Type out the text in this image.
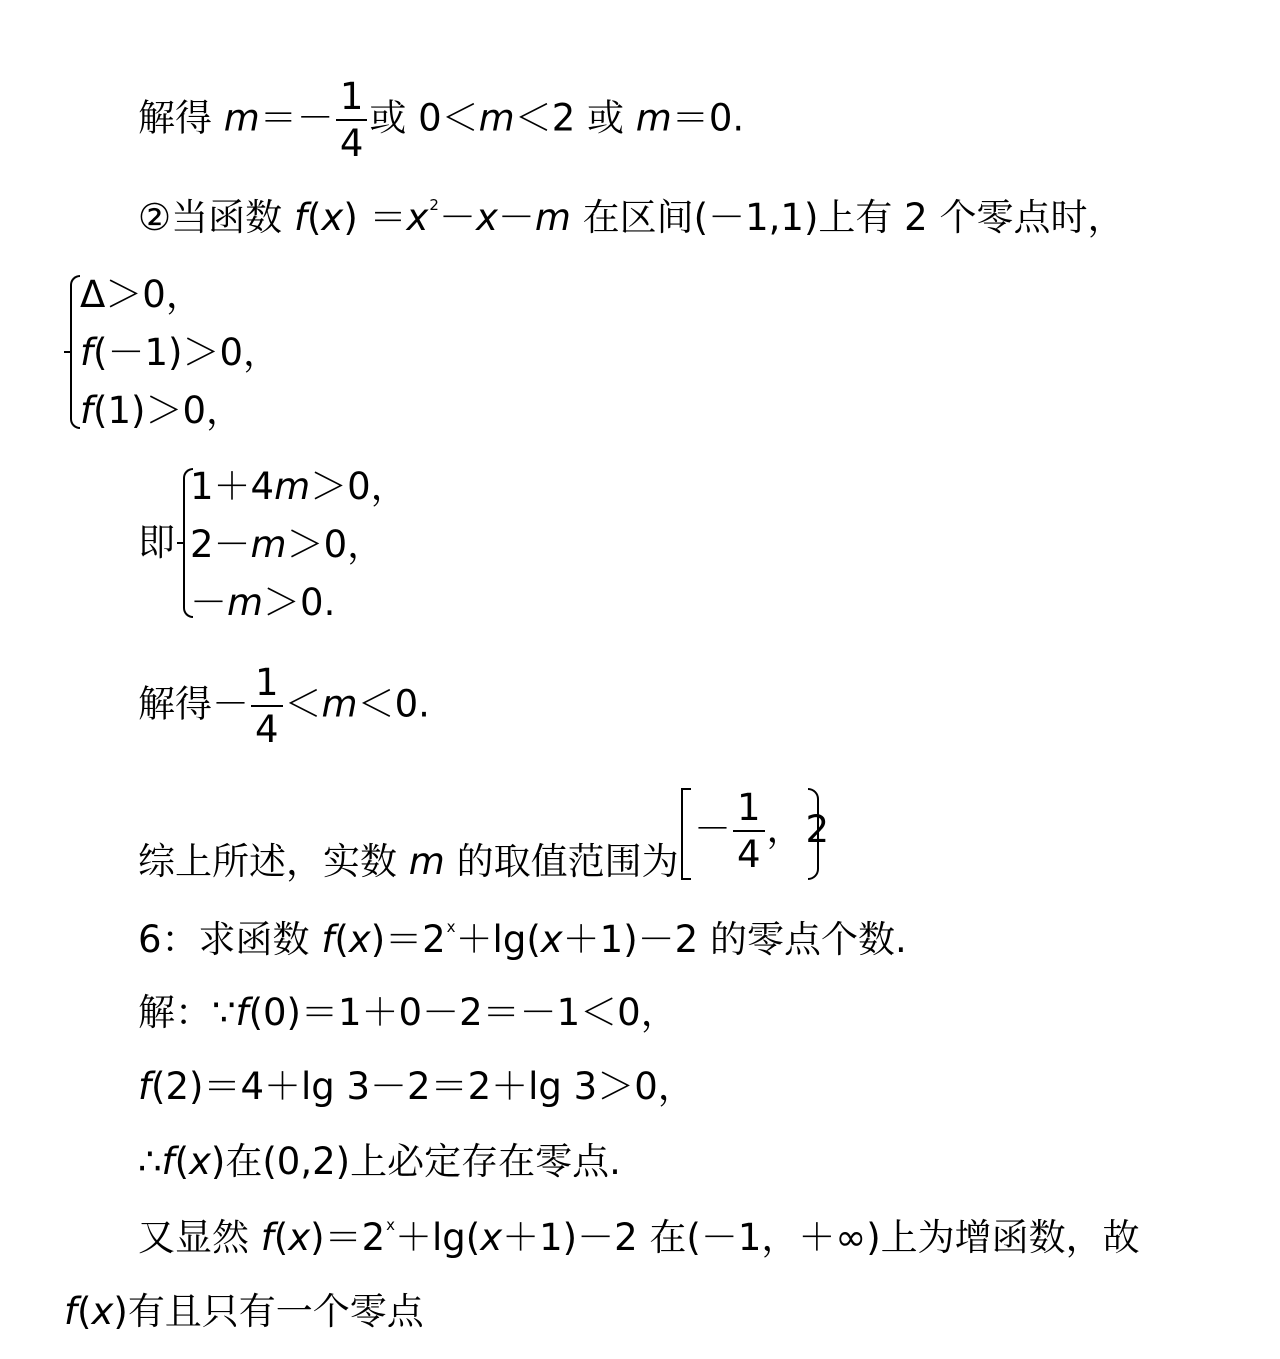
解得 $m=- \frac{1}{4}$ 或 0＜m＜2 或 m＝0.
②当函数 $f(x) =x^2-x-m$ 在区间(－1,1)上有 2 个零点时，
Δ＞0，
f(－1)＞0，
f(1)＞0，
即
1＋4m＞0，
2－m＞0，
－m＞0.
解得－ $\frac{1}{4} <m<0$.
综上所述，实数 m 的取值范围为
－ $\frac{1}{4}$ ，2
6：求函数 $f(x)=2^x+\lg(x+1)-2$ 的零点个数.
解：∵f(0)＝1＋0－2＝－1＜0，
f(2)＝4＋lg 3－2＝2＋lg 3＞0，
∴f(x)在(0,2)上必定存在零点.
又显然 $f(x)=2^x+\lg(x+1)-2$ 在(－1，＋∞)上为增函数，故
f(x)有且只有一个零点
